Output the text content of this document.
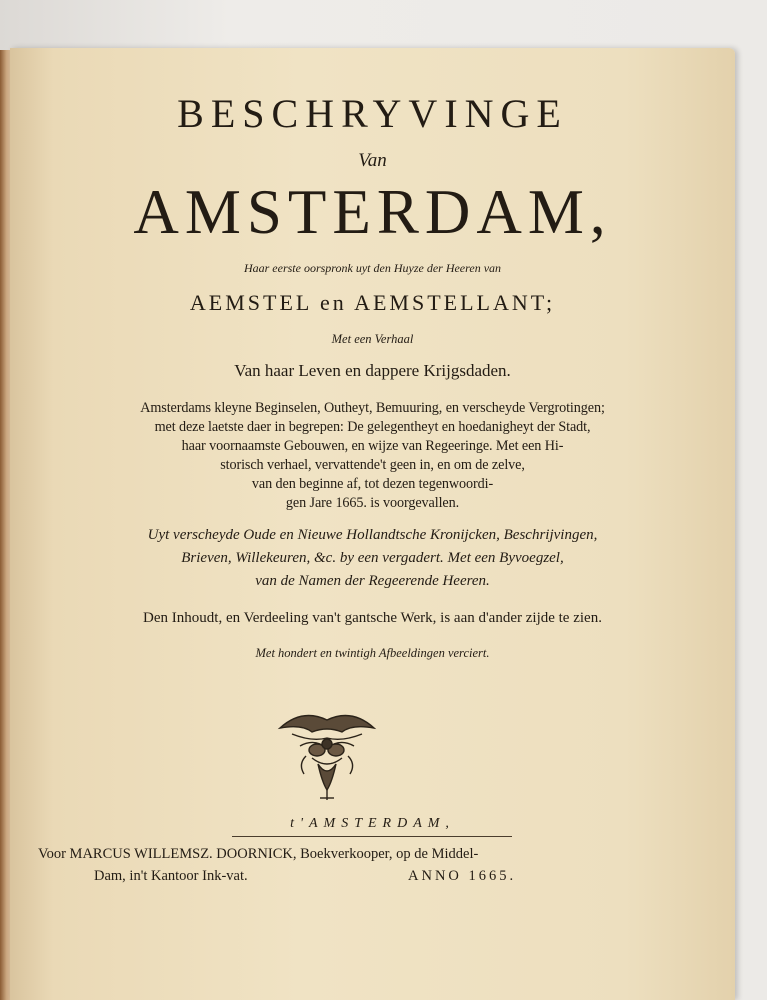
BESCHRYVINGE
Van
AMSTERDAM,
Haar eerste oorspronk uyt den Huyze der Heeren van
AEMSTEL en AEMSTELLANT;
Met een Verhaal
Van haar Leven en dappere Krijgsdaden.
Amsterdams kleyne Beginselen, Outheyt, Bemuuring, en verscheyde Vergrotingen;
met deze laetste daer in begrepen: De gelegentheyt en hoedanigheyt der Stadt,
haar voornaamste Gebouwen, en wijze van Regeeringe. Met een Hi-
storisch verhael, vervattende't geen in, en om de zelve,
van den beginne af, tot dezen tegenwoordi-
gen Jare 1665. is voorgevallen.
Uyt verscheyde Oude en Nieuwe Hollandtsche Kronijcken, Beschrijvingen,
Brieven, Willekeuren, &c. by een vergadert. Met een Byvoegzel,
van de Namen der Regeerende Heeren.
Den Inhoudt, en Verdeeling van't gantsche Werk, is aan d'ander zijde te zien.
Met hondert en twintigh Afbeeldingen verciert.
t'AMSTERDAM,
Voor MARCUS WILLEMSZ. DOORNICK, Boekverkooper, op de Middel-
Dam, in't Kantoor Ink-vat.	ANNO 1665.
